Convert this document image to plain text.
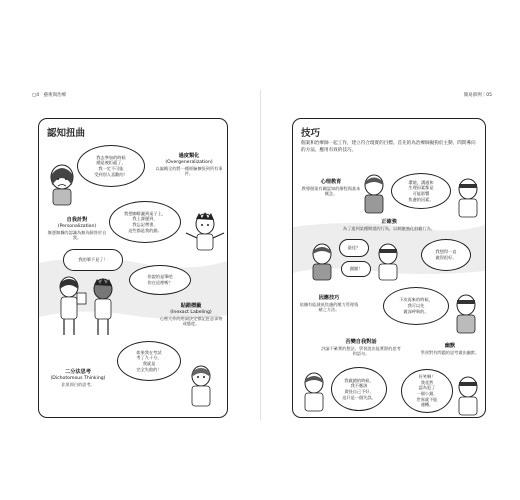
□4　藝術與治療
認知扭曲
我去參加的時候
總是被拒絕了，
我一定不可能
受到別人喜歡的！
過度類化
(Overgeneralization)
以偏概全的將一種經驗擴張到所有事件。
自我計對
(Personalization)
無憑無據的認識為無為歸咎於自我。
我把咖啡灑到桌子上，
我上課遲到，
我忘記帶書，
這些都是我的錯。
我的筆不見了！
你說的是筆吧
你在這裡嗎？
貼錯標籤
(Inexact Labeling)
心裡大作的用詞決定標記貶意事物或態度。
二分法思考
(Dichotomous Thinking)
非黑即白的思考。
如果我在考試
考了九十分，
我就是
完全失敗的！
簡易節例｜05
技巧
個案和治療師一起工作，建立符合現實的目標。首先的為治療師擬狗於主動，問問導向的方法，應用有效的技巧。
心理教育
教導個案有關認知的療程與基本概念。
環境，溝通和
生理因素都是
可能影響
焦慮的因素。
正確強
為了達到某種期望的行為，以刺激強化鼓勵行為。
最佳？
謝謝！
我想得一直
做得很好。
因應技巧
依據有能減低焦慮的壓力管理情緒之方法。
下次再來的時候，
我可以先
做深呼吸的。
否變自我對話
評論不確實的想法，學習說出能實際的思考和語句。
幽默
學習對有問題的思考做出幽默。
我做錯的時候，
我不應該
責怪自己不好，
這只是一個失誤。
好笑啊！
我竟然
認為犯了
一個小錯，
世界就不能
運轉。
